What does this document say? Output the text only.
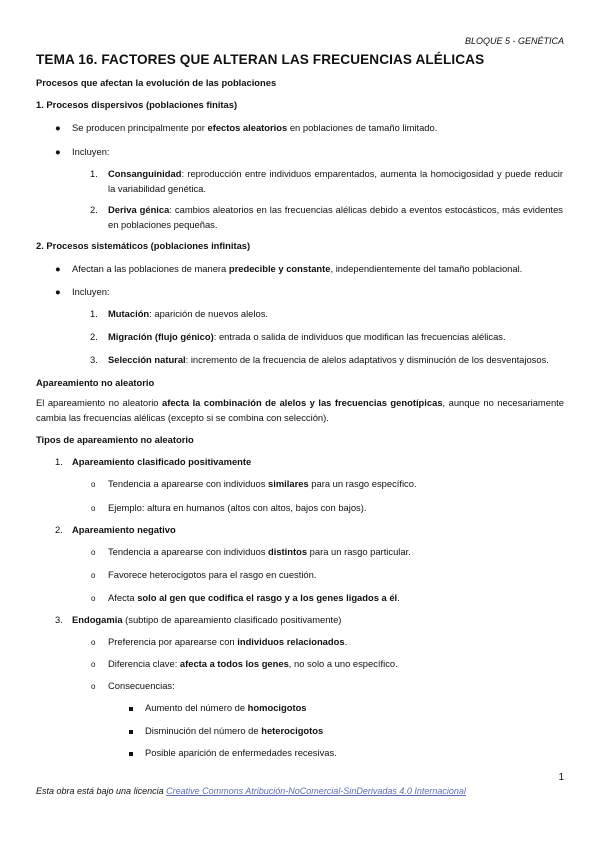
BLOQUE 5 - GENÉTICA
TEMA 16. FACTORES QUE ALTERAN LAS FRECUENCIAS ALÉLICAS
Procesos que afectan la evolución de las poblaciones
1. Procesos dispersivos (poblaciones finitas)
● Se producen principalmente por efectos aleatorios en poblaciones de tamaño limitado.
● Incluyen:
1. Consanguinidad: reproducción entre individuos emparentados, aumenta la homocigosidad y puede reducir la variabilidad genética.
2. Deriva génica: cambios aleatorios en las frecuencias alélicas debido a eventos estocásticos, más evidentes en poblaciones pequeñas.
2. Procesos sistemáticos (poblaciones infinitas)
● Afectan a las poblaciones de manera predecible y constante, independientemente del tamaño poblacional.
● Incluyen:
1. Mutación: aparición de nuevos alelos.
2. Migración (flujo génico): entrada o salida de individuos que modifican las frecuencias alélicas.
3. Selección natural: incremento de la frecuencia de alelos adaptativos y disminución de los desventajosos.
Apareamiento no aleatorio
El apareamiento no aleatorio afecta la combinación de alelos y las frecuencias genotípicas, aunque no necesariamente cambia las frecuencias alélicas (excepto si se combina con selección).
Tipos de apareamiento no aleatorio
1. Apareamiento clasificado positivamente
o Tendencia a aparearse con individuos similares para un rasgo específico.
o Ejemplo: altura en humanos (altos con altos, bajos con bajos).
2. Apareamiento negativo
o Tendencia a aparearse con individuos distintos para un rasgo particular.
o Favorece heterocigotos para el rasgo en cuestión.
o Afecta solo al gen que codifica el rasgo y a los genes ligados a él.
3. Endogamia (subtipo de apareamiento clasificado positivamente)
o Preferencia por aparearse con individuos relacionados.
o Diferencia clave: afecta a todos los genes, no solo a uno específico.
o Consecuencias:
Aumento del número de homocigotos
Disminución del número de heterocigotos
Posible aparición de enfermedades recesivas.
1
Esta obra está bajo una licencia Creative Commons Atribución-NoComercial-SinDerivadas 4.0 Internacional
